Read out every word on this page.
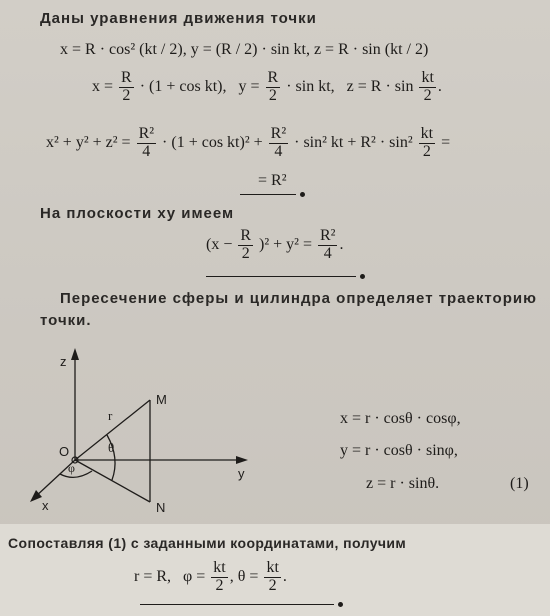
Даны уравнения движения точки
x = R · cos² (kt / 2), y = (R / 2) · sin kt, z = R · sin (kt / 2)
$x = \frac{R}{2} \cdot (1 + \cos kt)$, $y = \frac{R}{2} \cdot \sin$ kt, $z = R \cdot \sin \frac{kt}{2}$ .
$x^2 + y^2 + z^2 = \frac{\text{R²}}{4} \cdot (1 + \cos kt)^2 + \frac{\text{R²}}{4} \cdot \sin^2$ kt + $R^2 \cdot \sin^2 \frac{kt}{2}$ =
= R²
На плоскости xy имеем
$(x - \frac{R}{2} )^2 + y^2 = \frac{\text{R²}}{4}$ .
Пересечение сферы и цилиндра определяет траекторию
точки.
z
y
x
O
M
N
r
θ
φ
x = r · cosθ · cosφ,
y = r · cosθ · sinφ,
z = r · sinθ.	(1)
Сопоставляя (1) с заданными координатами, получим
r = R, $\varphi = \frac{kt}{2}$ , $\theta = \frac{kt}{2}$ .
